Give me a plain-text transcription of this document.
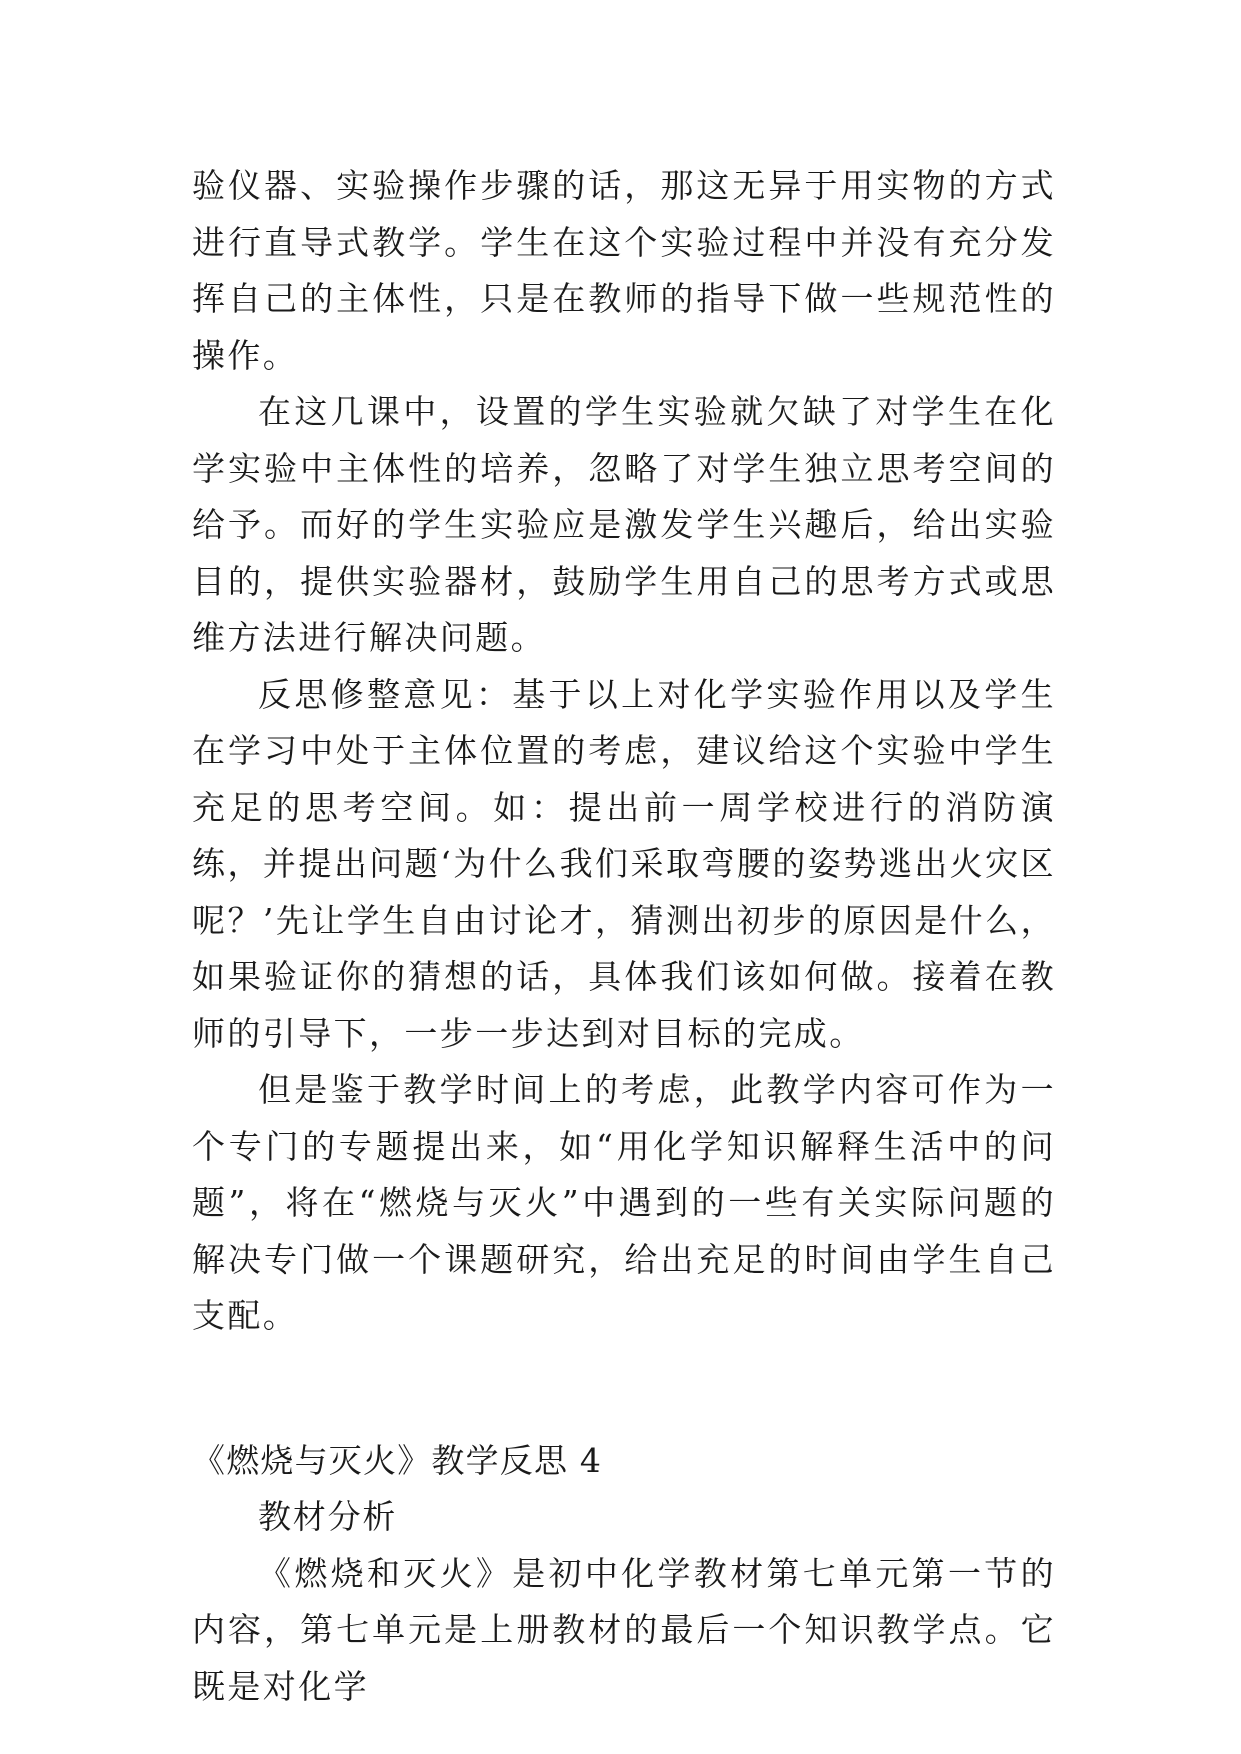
验仪器、实验操作步骤的话，那这无异于用实物的方式进行直导式教学。学生在这个实验过程中并没有充分发挥自己的主体性，只是在教师的指导下做一些规范性的操作。

在这几课中，设置的学生实验就欠缺了对学生在化学实验中主体性的培养，忽略了对学生独立思考空间的给予。而好的学生实验应是激发学生兴趣后，给出实验目的，提供实验器材，鼓励学生用自己的思考方式或思维方法进行解决问题。

反思修整意见：基于以上对化学实验作用以及学生在学习中处于主体位置的考虑，建议给这个实验中学生充足的思考空间。如：提出前一周学校进行的消防演练，并提出问题‘为什么我们采取弯腰的姿势逃出火灾区呢？’先让学生自由讨论才，猜测出初步的原因是什么，如果验证你的猜想的话，具体我们该如何做。接着在教师的引导下，一步一步达到对目标的完成。

但是鉴于教学时间上的考虑，此教学内容可作为一个专门的专题提出来，如“用化学知识解释生活中的问题”，将在“燃烧与灭火”中遇到的一些有关实际问题的解决专门做一个课题研究，给出充足的时间由学生自己支配。

《燃烧与灭火》教学反思 4

教材分析

《燃烧和灭火》是初中化学教材第七单元第一节的内容，第七单元是上册教材的最后一个知识教学点。它既是对化学
